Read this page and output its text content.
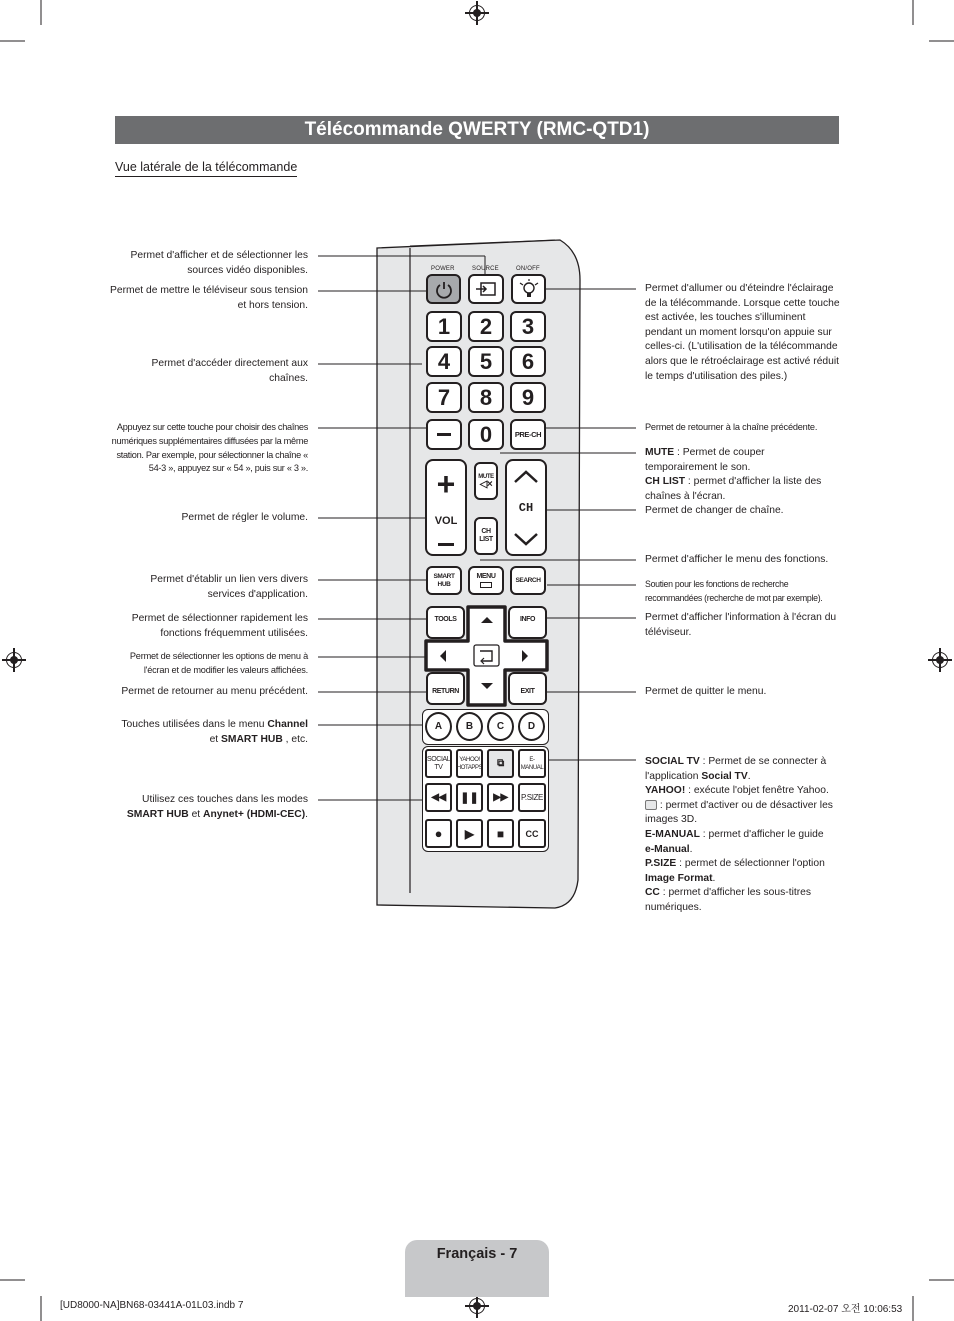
Télécommande QWERTY (RMC-QTD1)
Vue latérale de la télécommande
POWER	SOURCE	ON/OFF
1	2	3
4	5	6
7	8	9
0	PRE-CH
+
VOL
MUTE
◁×
CH LIST
CH
SMART HUB
MENU	SEARCH
TOOLS	INFO
RETURN	EXIT
A	B	C	D
SOCIAL TV
YAHOO! HOTAPPS ⧉	E-MANUAL
◀◀ ❚❚ ▶▶	P.SIZE
● ▶ ■	CC
Permet d'afficher et de sélectionner les sources vidéo disponibles.
Permet de mettre le téléviseur sous tension et hors tension.
Permet d'accéder directement aux chaînes.
Appuyez sur cette touche pour choisir des chaînes numériques supplémentaires diffusées par la même station. Par exemple, pour sélectionner la chaîne « 54-3 », appuyez sur « 54 », puis sur « 3 ».
Permet de régler le volume.
Permet d'établir un lien vers divers services d'application.
Permet de sélectionner rapidement les fonctions fréquemment utilisées.
Permet de sélectionner les options de menu à l'écran et de modifier les valeurs affichées.
Permet de retourner au menu précédent.
Touches utilisées dans le menu Channel
et SMART HUB , etc.
Utilisez ces touches dans les modes
SMART HUB et Anynet+ (HDMI-CEC).
Permet d'allumer ou d'éteindre l'éclairage de la télécommande. Lorsque cette touche est activée, les touches s'illuminent pendant un moment lorsqu'on appuie sur celles-ci. (L'utilisation de la télécommande alors que le rétroéclairage est activé réduit le temps d'utilisation des piles.)
Permet de retourner à la chaîne précédente.
MUTE : Permet de couper temporairement le son.
CH LIST : permet d'afficher la liste des chaînes à l'écran.
Permet de changer de chaîne.
Permet d'afficher le menu des fonctions.
Soutien pour les fonctions de recherche recommandées (recherche de mot par exemple).
Permet d'afficher l'information à l'écran du téléviseur.
Permet de quitter le menu.
SOCIAL TV : Permet de se connecter à l'application Social TV.
YAHOO! : exécute l'objet fenêtre Yahoo.
: permet d'activer ou de désactiver les images 3D.
E-MANUAL : permet d'afficher le guide
e-Manual.
P.SIZE : permet de sélectionner l'option
Image Format.
CC : permet d'afficher les sous-titres numériques.
Français - 7
[UD8000-NA]BN68-03441A-01L03.indb 7	2011-02-07 오전 10:06:53
